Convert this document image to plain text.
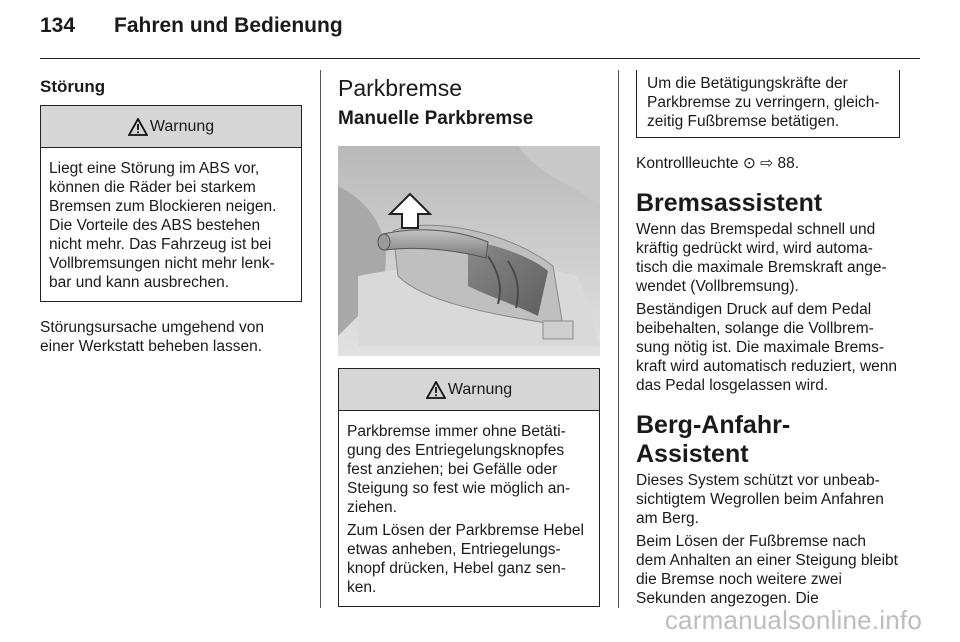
134 Fahren und Bedienung
Störung
Warnung

Liegt eine Störung im ABS vor, können die Räder bei starkem Bremsen zum Blockieren neigen. Die Vorteile des ABS bestehen nicht mehr. Das Fahrzeug ist bei Vollbremsungen nicht mehr lenk- bar und kann ausbrechen.

Störungsursache umgehend von einer Werkstatt beheben lassen.

Parkbremse
Manuelle Parkbremse
Warnung

Parkbremse immer ohne Betäti- gung des Entriegelungsknopfes fest anziehen; bei Gefälle oder Steigung so fest wie möglich an- ziehen.

Zum Lösen der Parkbremse Hebel etwas anheben, Entriegelungs- knopf drücken, Hebel ganz sen- ken.

Um die Betätigungskräfte der Parkbremse zu verringern, gleich- zeitig Fußbremse betätigen.

Kontrollleuchte ⊙ ⇨ 88.

Bremsassistent

Wenn das Bremspedal schnell und kräftig gedrückt wird, wird automa- tisch die maximale Bremskraft ange- wendet (Vollbremsung).

Beständigen Druck auf dem Pedal beibehalten, solange die Vollbrem- sung nötig ist. Die maximale Brems- kraft wird automatisch reduziert, wenn das Pedal losgelassen wird.

Berg-Anfahr-Assistent

Dieses System schützt vor unbeab- sichtigtem Wegrollen beim Anfahren am Berg.

Beim Lösen der Fußbremse nach dem Anhalten an einer Steigung bleibt die Bremse noch weitere zwei Sekunden angezogen. Die

carmanualsonline.info
